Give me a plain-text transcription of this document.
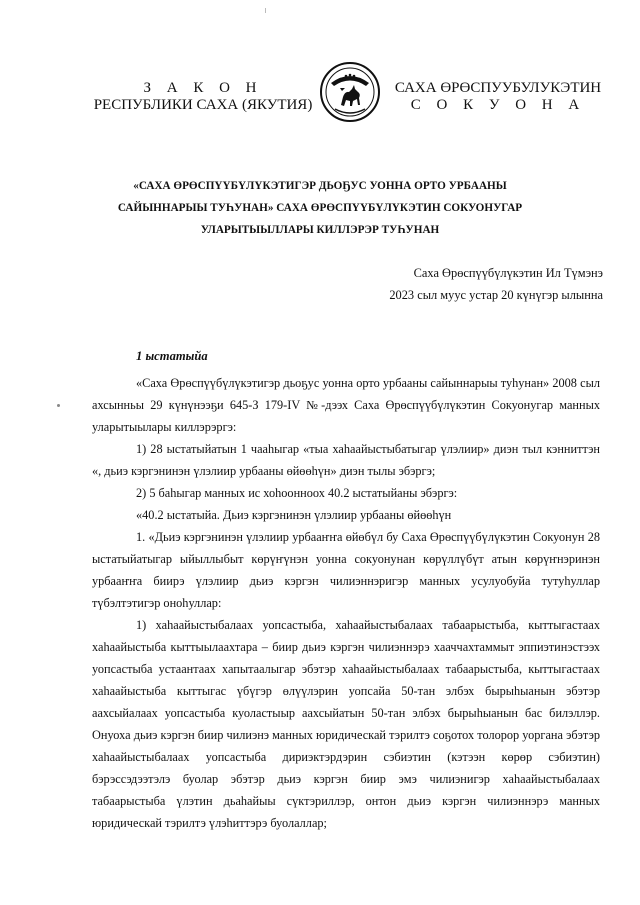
З А К О Н
РЕСПУБЛИКИ САХА (ЯКУТИЯ)
САХА ӨРӨСПУУБУЛУКЭТИН
С О К У О Н А
«САХА ӨРӨСПҮҮБҮЛҮКЭТИГЭР ДЬОҔУС УОННА ОРТО УРБААНЫ
САЙЫННАРЫЫ ТУҺУНАН» САХА ӨРӨСПҮҮБҮЛҮКЭТИН СОКУОНУГАР
УЛАРЫТЫЫЛЛАРЫ КИЛЛЭРЭР ТУҺУНАН
Саха Өрөспүүбүлүкэтин Ил Түмэнэ
2023 сыл муус устар 20 күнүгэр ылынна
1 ыстатыйа

«Саха Өрөспүүбүлүкэтигэр дьоҕус уонна орто урбааны сайыннарыы туһунан» 2008 сыл ахсынньы 29 күнүнээҕи 645-З 179-IV №-дээх Саха Өрөспүүбүлүкэтин Сокуонугар манных уларытыылары киллэрэргэ:

1) 28 ыстатыйатын 1 чааһыгар «тыа хаһаайыстыбатыгар үлэлиир» диэн тыл кэнниттэн «, дьиэ кэргэнинэн үлэлиир урбааны өйөөһүн» диэн тылы эбэргэ;

2) 5 баһыгар манных ис хоһоонноох 40.2 ыстатыйаны эбэргэ:

«40.2 ыстатыйа. Дьиэ кэргэнинэн үлэлиир урбааны өйөөһүн

1. «Дьиэ кэргэнинэн үлэлиир урбааҥҥа өйөбүл бу Саха Өрөспүүбүлүкэтин Сокуонун 28 ыстатыйатыгар ыйыллыбыт көрүҥүнэн уонна сокуонунан көрүллүбүт атын көрүҥнэринэн урбааҥҥа биирэ үлэлиир дьиэ кэргэн чилиэннэригэр манных усулуобуйа тутуһуллар түбэлтэтигэр оноһуллар:

1) хаһаайыстыбалаах уопсастыба, хаһаайыстыбалаах табаарыстыба, кыттыгастаах хаһаайыстыба кыттыылаахтара – биир дьиэ кэргэн чилиэннэрэ хааччахтаммыт эппиэтинэстээх уопсастыба устаантаах хапытаалыгар эбэтэр хаһаайыстыбалаах табаарыстыба, кыттыгастаах хаһаайыстыба кыттыгас үбүгэр өлүүлэрин уопсайа 50-тан элбэх бырыһыанын эбэтэр аахсыйалаах уопсастыба куоластыыр аахсыйатын 50-тан элбэх бырыһыанын бас билэллэр. Онуоха дьиэ кэргэн биир чилиэнэ манных юридическай тэрилтэ соҕотох толорор уоргана эбэтэр хаһаайыстыбалаах уопсастыба дириэктэрдэрин сэбиэтин (кэтээн көрөр сэбиэтин) бэрэссэдээтэлэ буолар эбэтэр дьиэ кэргэн биир эмэ чилиэнигэр хаһаайыстыбалаах табаарыстыба үлэтин дьаһайыы сүктэриллэр, онтон дьиэ кэргэн чилиэннэрэ манных юридическай тэрилтэ үлэһиттэрэ буолаллар;
